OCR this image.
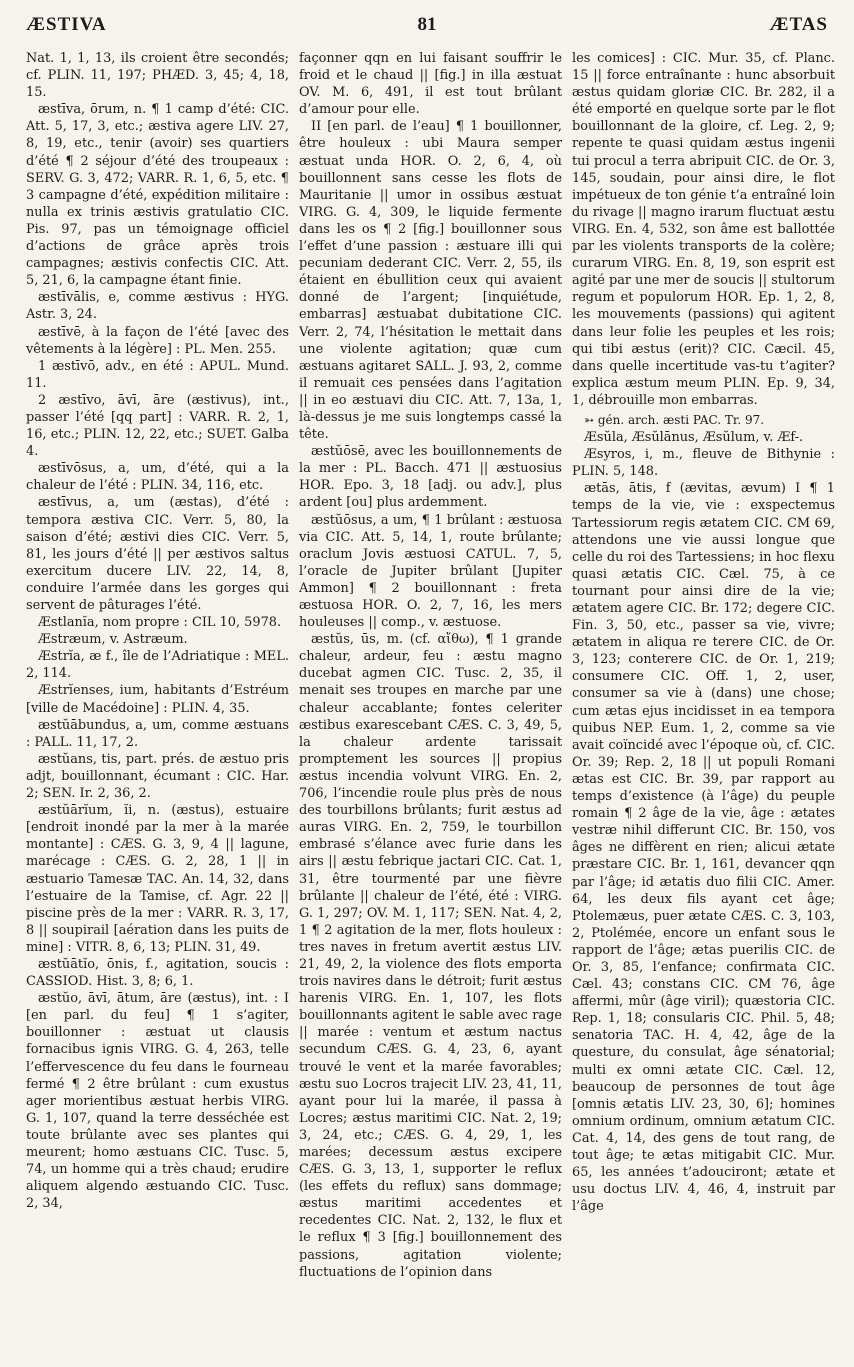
ÆSTIVA	81	ÆTAS

Nat. 1, 1, 13, ils croient être secondés; cf. PLIN. 11, 197; PHÆD. 3, 45; 4, 18, 15.

æstīva, ōrum, n. ¶ 1 camp d’été: CIC. Att. 5, 17, 3, etc.; æstiva agere LIV. 27, 8, 19, etc., tenir (avoir) ses quartiers d’été ¶ 2 séjour d’été des troupeaux : SERV. G. 3, 472; VARR. R. 1, 6, 5, etc. ¶ 3 campagne d’été, expédition militaire : nulla ex trinis æstivis gratulatio CIC. Pis. 97, pas un témoignage officiel d’actions de grâce après trois campagnes; æstivis confectis CIC. Att. 5, 21, 6, la campagne étant finie.

æstīvālis, e, comme æstivus : HYG. Astr. 3, 24.

æstīvē, à la façon de l’été [avec des vêtements à la légère] : PL. Men. 255.

1 æstīvō, adv., en été : APUL. Mund. 11.

2 æstīvo, āvī, āre (æstivus), int., passer l’été [qq part] : VARR. R. 2, 1, 16, etc.; PLIN. 12, 22, etc.; SUET. Galba 4.

æstīvōsus, a, um, d’été, qui a la chaleur de l’été : PLIN. 34, 116, etc.

æstīvus, a, um (æstas), d’été : tempora æstiva CIC. Verr. 5, 80, la saison d’été; æstivi dies CIC. Verr. 5, 81, les jours d’été || per æstivos saltus exercitum ducere LIV. 22, 14, 8, conduire l’armée dans les gorges qui servent de pâturages l’été.

Æstlanĭa, nom propre : CIL 10, 5978.

Æstræum, v. Astræum.

Æstrĭa, æ f., île de l’Adriatique : MEL. 2, 114.

Æstrĭenses, ium, habitants d’Estréum [ville de Macédoine] : PLIN. 4, 35.

æstŭābundus, a, um, comme æstuans : PALL. 11, 17, 2.

æstŭans, tis, part. prés. de æstuo pris adjt, bouillonnant, écumant : CIC. Har. 2; SEN. Ir. 2, 36, 2.

æstŭārĭum, ĭi, n. (æstus), estuaire [endroit inondé par la mer à la marée montante] : CÆS. G. 3, 9, 4 || lagune, marécage : CÆS. G. 2, 28, 1 || in æstuario Tamesæ TAC. An. 14, 32, dans l’estuaire de la Tamise, cf. Agr. 22 || piscine près de la mer : VARR. R. 3, 17, 8 || soupirail [aération dans les puits de mine] : VITR. 8, 6, 13; PLIN. 31, 49.

æstŭātĭo, ōnis, f., agitation, soucis : CASSIOD. Hist. 3, 8; 6, 1.

æstŭo, āvī, ātum, āre (æstus), int. : I [en parl. du feu] ¶ 1 s’agiter, bouillonner : æstuat ut clausis fornacibus ignis VIRG. G. 4, 263, telle l’effervescence du feu dans le fourneau fermé ¶ 2 être brûlant : cum exustus ager morientibus æstuat herbis VIRG. G. 1, 107, quand la terre desséchée est toute brûlante avec ses plantes qui meurent; homo æstuans CIC. Tusc. 5, 74, un homme qui a très chaud; erudire aliquem algendo æstuando CIC. Tusc. 2, 34,

façonner qqn en lui faisant souffrir le froid et le chaud || [fig.] in illa æstuat OV. M. 6, 491, il est tout brûlant d’amour pour elle.

II [en parl. de l’eau] ¶ 1 bouillonner, être houleux : ubi Maura semper æstuat unda HOR. O. 2, 6, 4, où bouillonnent sans cesse les flots de Mauritanie || umor in ossibus æstuat VIRG. G. 4, 309, le liquide fermente dans les os ¶ 2 [fig.] bouillonner sous l’effet d’une passion : æstuare illi qui pecuniam dederant CIC. Verr. 2, 55, ils étaient en ébullition ceux qui avaient donné de l’argent; [inquiétude, embarras] æstuabat dubitatione CIC. Verr. 2, 74, l’hésitation le mettait dans une violente agitation; quæ cum æstuans agitaret SALL. J. 93, 2, comme il remuait ces pensées dans l’agitation || in eo æstuavi diu CIC. Att. 7, 13a, 1, là-dessus je me suis longtemps cassé la tête.

æstŭōsē, avec les bouillonnements de la mer : PL. Bacch. 471 || æstuosius HOR. Epo. 3, 18 [adj. ou adv.], plus ardent [ou] plus ardemment.

æstŭōsus, a um, ¶ 1 brûlant : æstuosa via CIC. Att. 5, 14, 1, route brûlante; oraclum Jovis æstuosi CATUL. 7, 5, l’oracle de Jupiter brûlant [Jupiter Ammon] ¶ 2 bouillonnant : freta æstuosa HOR. O. 2, 7, 16, les mers houleuses || comp., v. æstuose.

æstŭs, ūs, m. (cf. αἴθω), ¶ 1 grande chaleur, ardeur, feu : æstu magno ducebat agmen CIC. Tusc. 2, 35, il menait ses troupes en marche par une chaleur accablante; fontes celeriter æstibus exarescebant CÆS. C. 3, 49, 5, la chaleur ardente tarissait promptement les sources || propius æstus incendia volvunt VIRG. En. 2, 706, l’incendie roule plus près de nous des tourbillons brûlants; furit æstus ad auras VIRG. En. 2, 759, le tourbillon embrasé s’élance avec furie dans les airs || æstu febrique jactari CIC. Cat. 1, 31, être tourmenté par une fièvre brûlante || chaleur de l’été, été : VIRG. G. 1, 297; OV. M. 1, 117; SEN. Nat. 4, 2, 1 ¶ 2 agitation de la mer, flots houleux : tres naves in fretum avertit æstus LIV. 21, 49, 2, la violence des flots emporta trois navires dans le détroit; furit æstus harenis VIRG. En. 1, 107, les flots bouillonnants agitent le sable avec rage || marée : ventum et æstum nactus secundum CÆS. G. 4, 23, 6, ayant trouvé le vent et la marée favorables; æstu suo Locros trajecit LIV. 23, 41, 11, ayant pour lui la marée, il passa à Locres; æstus maritimi CIC. Nat. 2, 19; 3, 24, etc.; CÆS. G. 4, 29, 1, les marées; decessum æstus excipere CÆS. G. 3, 13, 1, supporter le reflux (les effets du reflux) sans dommage; æstus maritimi accedentes et recedentes CIC. Nat. 2, 132, le flux et le reflux ¶ 3 [fig.] bouillonnement des passions, agitation violente; fluctuations de l’opinion dans

les comices] : CIC. Mur. 35, cf. Planc. 15 || force entraînante : hunc absorbuit æstus quidam gloriæ CIC. Br. 282, il a été emporté en quelque sorte par le flot bouillonnant de la gloire, cf. Leg. 2, 9; repente te quasi quidam æstus ingenii tui procul a terra abripuit CIC. de Or. 3, 145, soudain, pour ainsi dire, le flot impétueux de ton génie t’a entraîné loin du rivage || magno irarum fluctuat æstu VIRG. En. 4, 532, son âme est ballottée par les violents transports de la colère; curarum VIRG. En. 8, 19, son esprit est agité par une mer de soucis || stultorum regum et populorum HOR. Ep. 1, 2, 8, les mouvements (passions) qui agitent dans leur folie les peuples et les rois; qui tibi æstus (erit)? CIC. Cæcil. 45, dans quelle incertitude vas-tu t’agiter? explica æstum meum PLIN. Ep. 9, 34, 1, débrouille mon embarras.

➳ gén. arch. æsti PAC. Tr. 97.

Æsŭla, Æsŭlānus, Æsŭlum, v. Æf-.

Æsyros, i, m., fleuve de Bithynie : PLIN. 5, 148.

ætās, ātis, f (ævitas, ævum) I ¶ 1 temps de la vie, vie : exspectemus Tartessiorum regis ætatem CIC. CM 69, attendons une vie aussi longue que celle du roi des Tartessiens; in hoc flexu quasi ætatis CIC. Cæl. 75, à ce tournant pour ainsi dire de la vie; ætatem agere CIC. Br. 172; degere CIC. Fin. 3, 50, etc., passer sa vie, vivre; ætatem in aliqua re terere CIC. de Or. 3, 123; conterere CIC. de Or. 1, 219; consumere CIC. Off. 1, 2, user, consumer sa vie à (dans) une chose; cum ætas ejus incidisset in ea tempora quibus NEP. Eum. 1, 2, comme sa vie avait coïncidé avec l’époque où, cf. CIC. Or. 39; Rep. 2, 18 || ut populi Romani ætas est CIC. Br. 39, par rapport au temps d’existence (à l’âge) du peuple romain ¶ 2 âge de la vie, âge : ætates vestræ nihil differunt CIC. Br. 150, vos âges ne diffèrent en rien; alicui ætate præstare CIC. Br. 1, 161, devancer qqn par l’âge; id ætatis duo filii CIC. Amer. 64, les deux fils ayant cet âge; Ptolemæus, puer ætate CÆS. C. 3, 103, 2, Ptolémée, encore un enfant sous le rapport de l’âge; ætas puerilis CIC. de Or. 3, 85, l’enfance; confirmata CIC. Cæl. 43; constans CIC. CM 76, âge affermi, mûr (âge viril); quæstoria CIC. Rep. 1, 18; consularis CIC. Phil. 5, 48; senatoria TAC. H. 4, 42, âge de la questure, du consulat, âge sénatorial; multi ex omni ætate CIC. Cæl. 12, beaucoup de personnes de tout âge [omnis ætatis LIV. 23, 30, 6]; homines omnium ordinum, omnium ætatum CIC. Cat. 4, 14, des gens de tout rang, de tout âge; te ætas mitigabit CIC. Mur. 65, les années t’adouciront; ætate et usu doctus LIV. 4, 46, 4, instruit par l’âge
